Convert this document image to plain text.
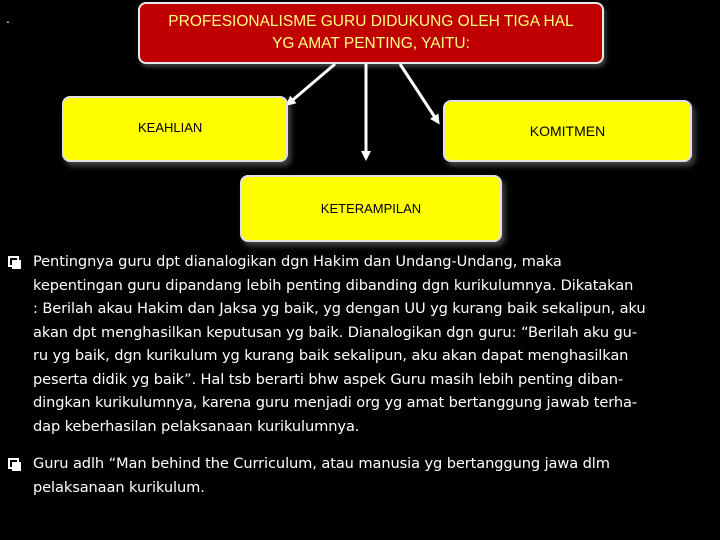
.	PROFESIONALISME GURU DIDUKUNG OLEH TIGA HAL
YG AMAT PENTING, YAITU:
KEAHLIAN	KOMITMEN
KETERAMPILAN
Pentingnya guru dpt dianalogikan dgn Hakim dan Undang-Undang, maka
kepentingan guru dipandang lebih penting dibanding dgn kurikulumnya. Dikatakan
: Berilah akau Hakim dan Jaksa yg baik, yg dengan UU yg kurang baik sekalipun, aku
akan dpt menghasilkan keputusan yg baik. Dianalogikan dgn guru: “Berilah aku gu-
ru yg baik, dgn kurikulum yg kurang baik sekalipun, aku akan dapat menghasilkan
peserta didik yg baik”. Hal tsb berarti bhw aspek Guru masih lebih penting diban-
dingkan kurikulumnya, karena guru menjadi org yg amat bertanggung jawab terha-
dap keberhasilan pelaksanaan kurikulumnya.
Guru adlh “Man behind the Curriculum, atau manusia yg bertanggung jawa dlm
pelaksanaan kurikulum.
